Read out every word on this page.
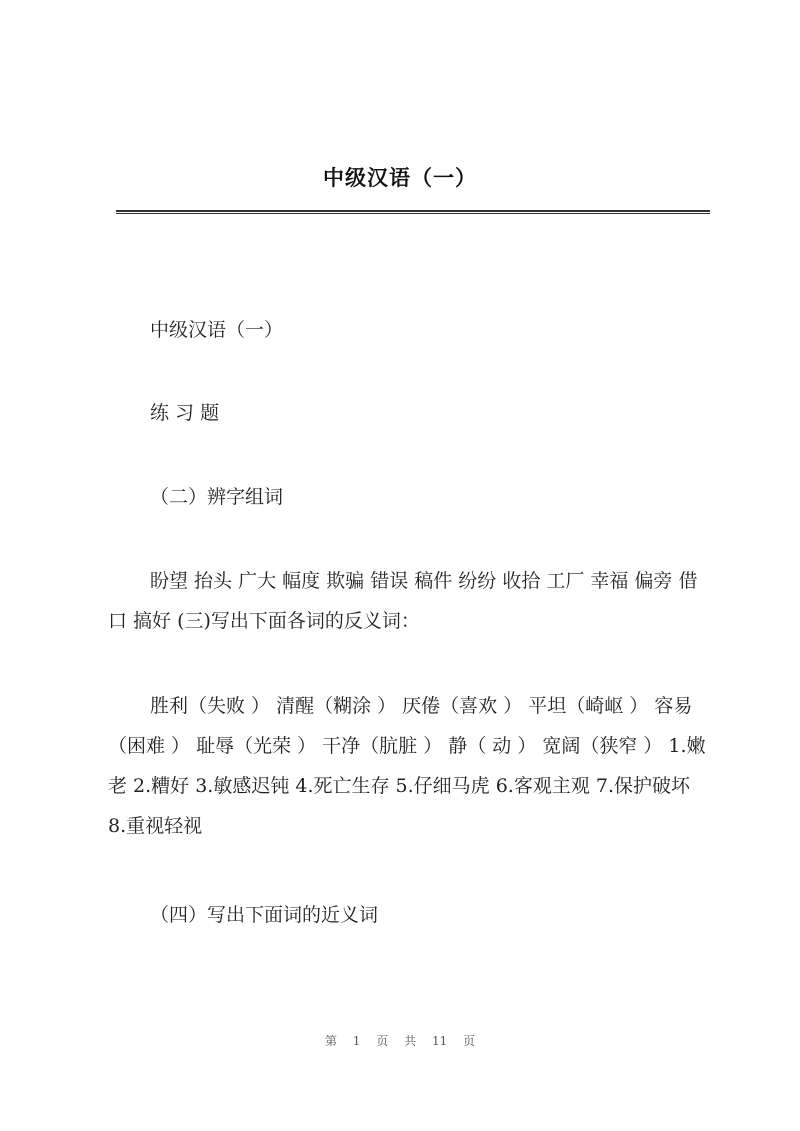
中级汉语（一）
中级汉语（一）
练 习 题
（二）辨字组词
盼望 抬头 广大 幅度 欺骗 错误 稿件 纷纷 收拾 工厂 幸福 偏旁 借口 搞好 (三)写出下面各词的反义词：
胜利（失败 ） 清醒（糊涂 ） 厌倦（喜欢 ） 平坦（崎岖 ） 容易（困难 ） 耻辱（光荣 ） 干净（肮脏 ） 静（ 动 ） 宽阔（狭窄 ） 1.嫩老 2.糟好 3.敏感迟钝 4.死亡生存 5.仔细马虎 6.客观主观 7.保护破坏 8.重视轻视
（四）写出下面词的近义词
第 1 页 共 11 页
